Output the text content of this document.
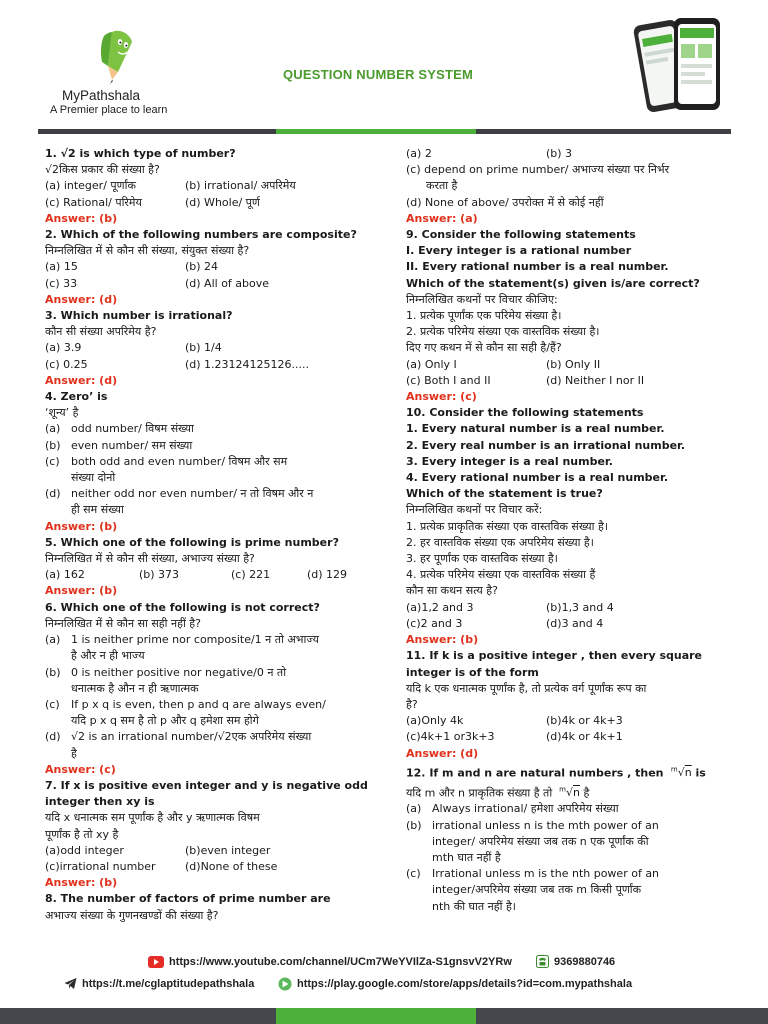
MyPathshala
A Premier place to learn
QUESTION NUMBER SYSTEM
1. √2 is which type of number?
√2किस प्रकार की संख्या है?
(a) integer/ पूर्णांक	(b) irrational/ अपरिमेय
(c) Rational/ परिमेय	(d) Whole/ पूर्ण
Answer: (b)
2. Which of the following numbers are composite?
निम्नलिखित में से कौन सी संख्या, संयुक्त संख्या है?
(a) 15	(b) 24
(c) 33	(d) All of above
Answer: (d)
3. Which number is irrational?
कौन सी संख्या अपरिमेय है?
(a) 3.9	(b) 1/4
(c) 0.25	(d) 1.23124125126.....
Answer: (d)
4. Zero’ is
‘शून्य’ है
(a) odd number/ विषम संख्या
(b) even number/ सम संख्या
(c)	both odd and even number/ विषम और सम
संख्या दोनो
(d) neither odd nor even number/ न तो विषम और न
ही सम संख्या
Answer: (b)
5. Which one of the following is prime number?
निम्नलिखित में से कौन सी संख्या, अभाज्य संख्या है?
(a) 162	(b) 373	(c) 221	(d) 129
Answer: (b)
6. Which one of the following is not correct?
निम्नलिखित में से कौन सा सही नहीं है?
(a) 1 is neither prime nor composite/1 न तो अभाज्य
है और न ही भाज्य
(b) 0 is neither positive nor negative/0 न तो
धनात्मक है औन न ही ऋणात्मक
(c)	If p x q is even, then p and q are always even/
यदि p x q सम है तो p और q हमेशा सम होगे
(d) √2 is an irrational number/√2एक अपरिमेय संख्या
है
Answer: (c)
7. If x is positive even integer and y is negative odd
integer then xy is
यदि x धनात्मक सम पूर्णांक है और y ऋणात्मक विषम
पूर्णांक है तो xy है
(a)odd integer	(b)even integer
(c)irrational number	(d)None of these
Answer: (b)
8. The number of factors of prime number are
अभाज्य संख्या के गुणनखण्डों की संख्या है?
(a) 2	(b) 3
(c) depend on prime number/ अभाज्य संख्या पर निर्भर
करता है
(d) None of above/ उपरोक्त में से कोई नहीं
Answer: (a)
9. Consider the following statements
I. Every integer is a rational number
II. Every rational number is a real number.
Which of the statement(s) given is/are correct?
निम्नलिखित कथनों पर विचार कीजिए:
1. प्रत्येक पूर्णांक एक परिमेय संख्या है।
2. प्रत्येक परिमेय संख्या एक वास्तविक संख्या है।
दिए गए कथन में से कौन सा सही है/हैं?
(a) Only I	(b) Only II
(c) Both I and II	(d) Neither I nor II
Answer: (c)
10. Consider the following statements
1. Every natural number is a real number.
2. Every real number is an irrational number.
3. Every integer is a real number.
4. Every rational number is a real number.
Which of the statement is true?
निम्नलिखित कथनों पर विचार करें:
1. प्रत्येक प्राकृतिक संख्या एक वास्तविक संख्या है।
2. हर वास्तविक संख्या एक अपरिमेय संख्या है।
3. हर पूर्णांक एक वास्तविक संख्या है।
4. प्रत्येक परिमेय संख्या एक वास्तविक संख्या हैं
कौन सा कथन सत्य है?
(a)1,2 and 3	(b)1,3 and 4
(c)2 and 3	(d)3 and 4
Answer: (b)
11. If k is a positive integer , then every square
integer is of the form
यदि k एक धनात्मक पूर्णांक है, तो प्रत्येक वर्ग पूर्णांक रूप का
है?
(a)Only 4k	(b)4k or 4k+3
(c)4k+1 or3k+3	(d)4k or 4k+1
Answer: (d)
12. If m and n are natural numbers , then $^m$√n is
यदि m और n प्राकृतिक संख्या है तो $^m$√n है
(a) Always irrational/ हमेशा अपरिमेय संख्या
(b) irrational unless n is the mth power of an
integer/ अपरिमेय संख्या जब तक n एक पूर्णांक की
mth घात नहीं है
(c)	Irrational unless m is the nth power of an
integer/अपरिमेय संख्या जब तक m किसी पूर्णांक
nth की घात नहीं है।
https://www.youtube.com/channel/UCm7WeYVIlZa-S1gnsvV2YRw	9369880746
https://t.me/cglaptitudepathshala	https://play.google.com/store/apps/details?id=com.mypathshala
